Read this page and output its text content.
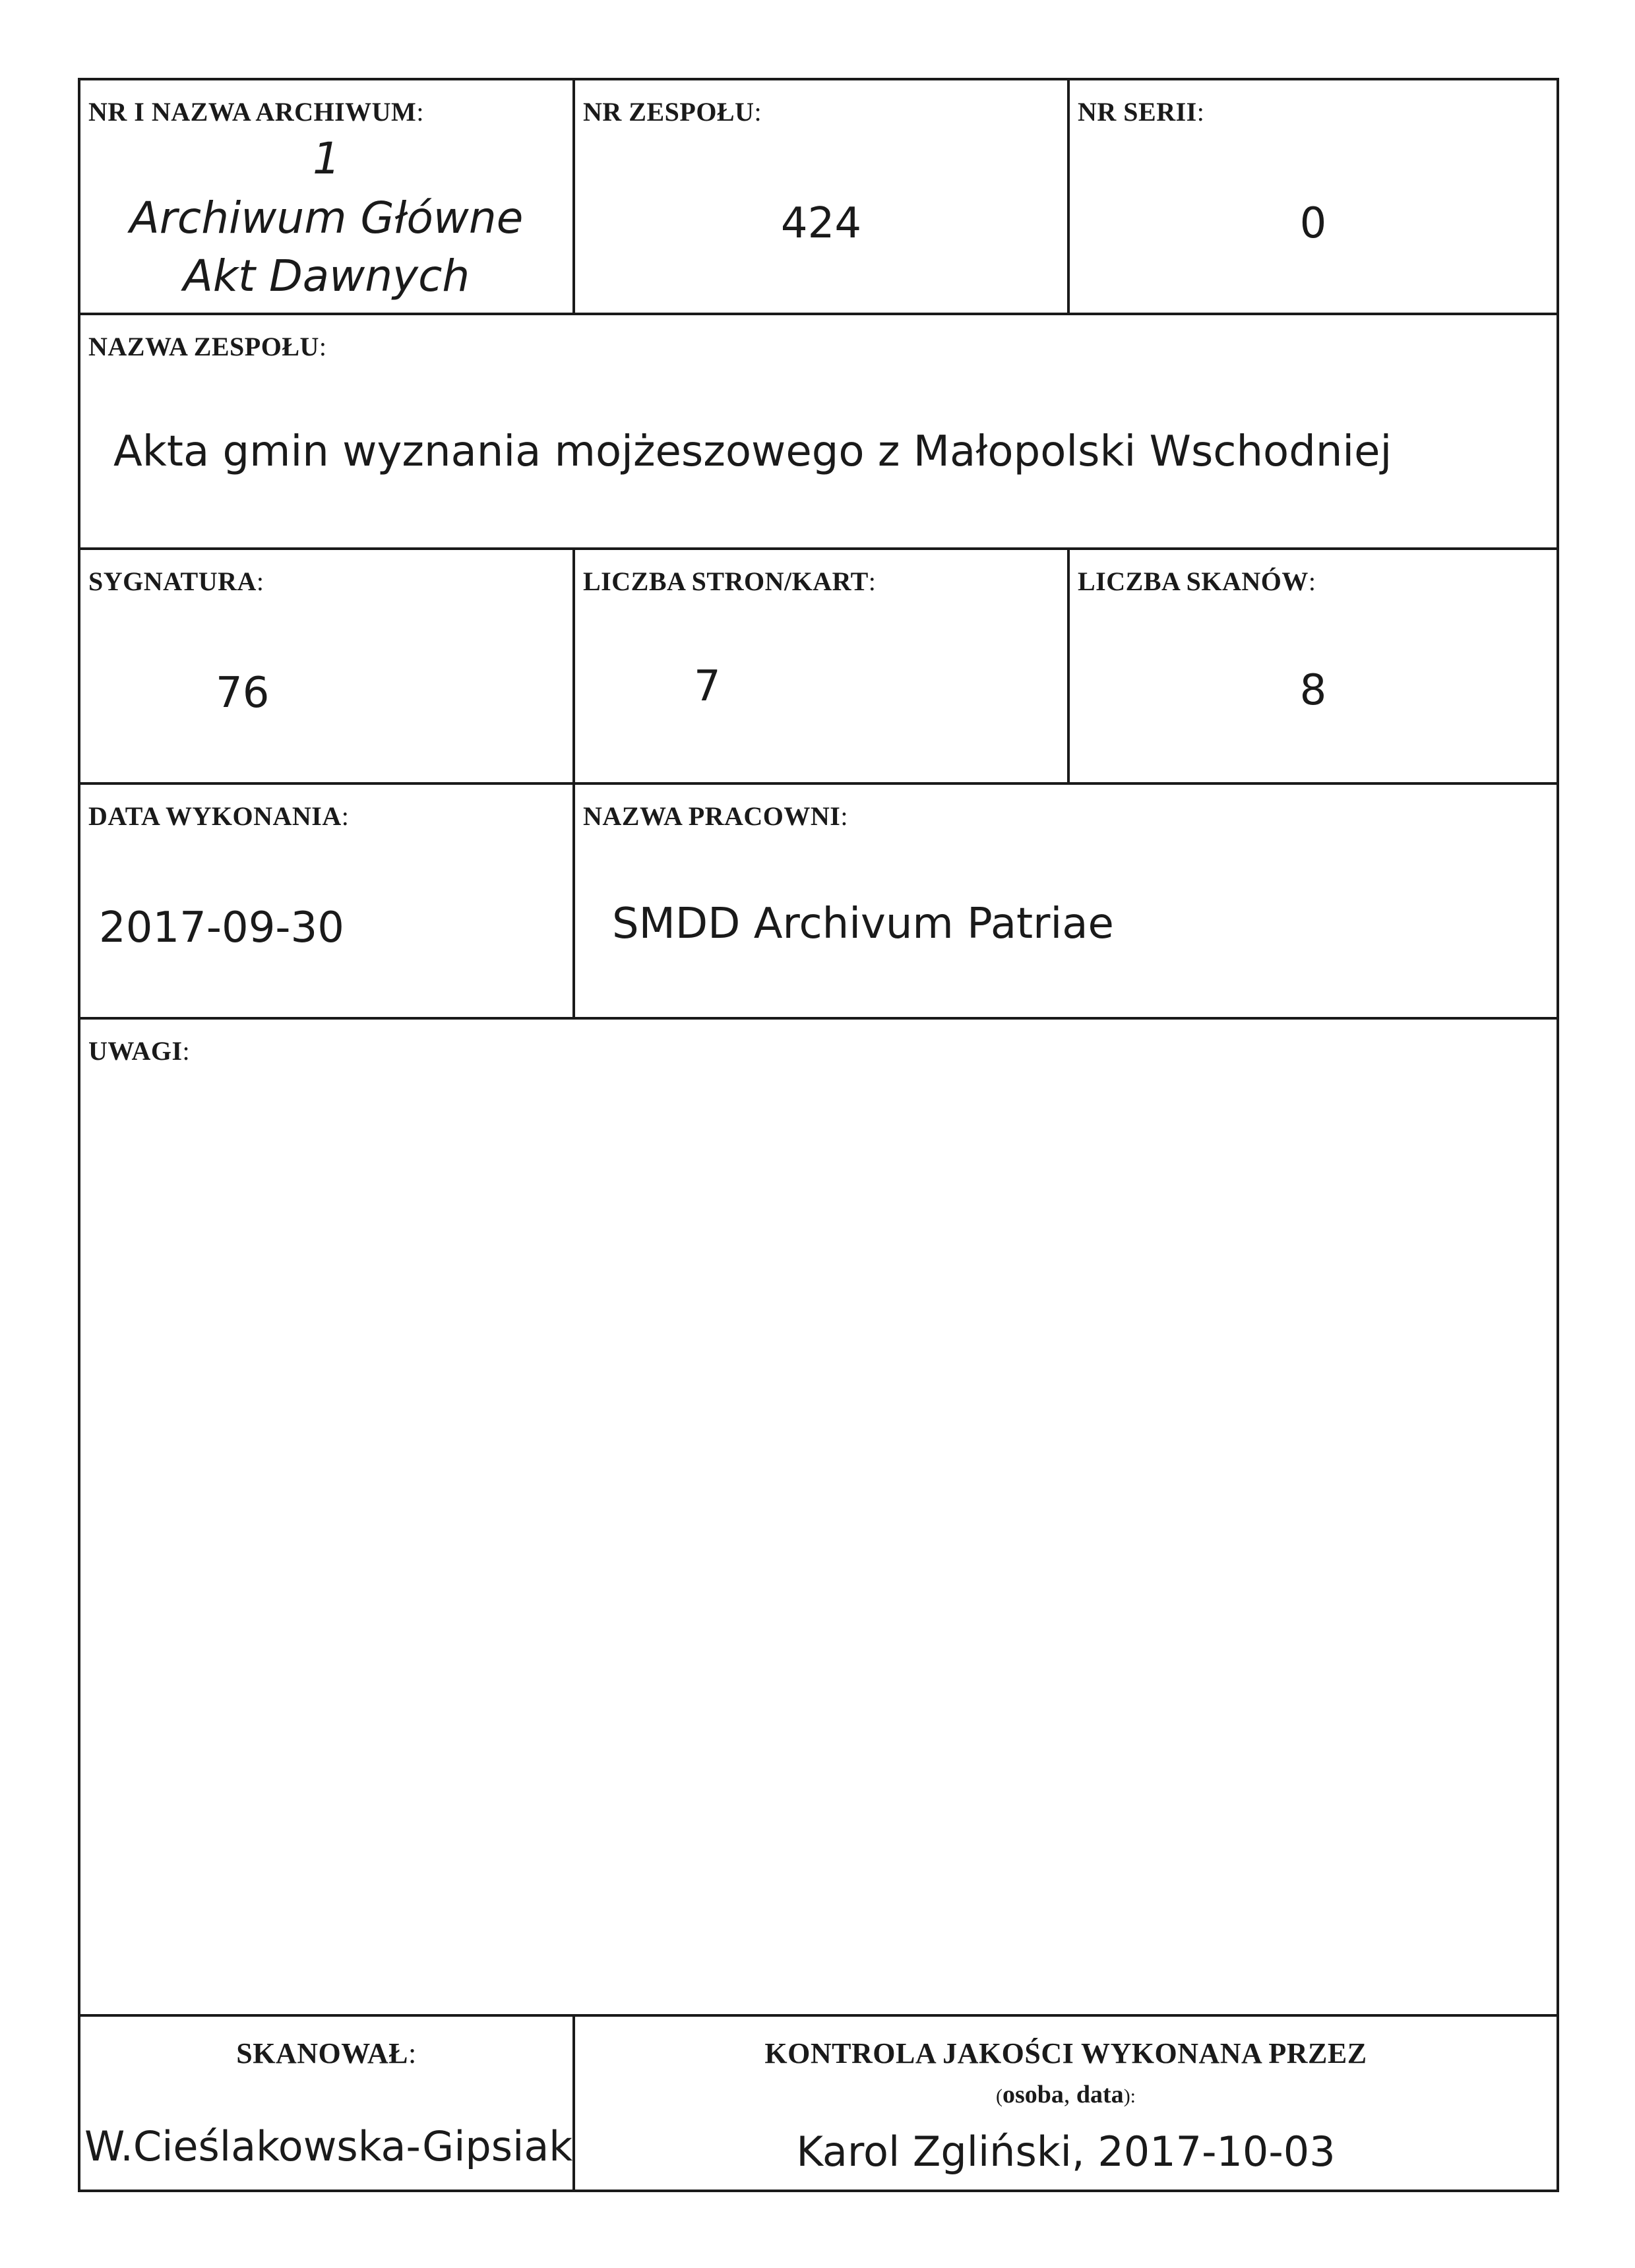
NR I NAZWA ARCHIWUM:
1
Archiwum Główne
Akt Dawnych
NR ZESPOŁU:
424
NR SERII:
0
NAZWA ZESPOŁU:
Akta gmin wyznania mojżeszowego z Małopolski Wschodniej
SYGNATURA:
76
LICZBA STRON/KART:
7
LICZBA SKANÓW:
8
DATA WYKONANIA:
2017-09-30
NAZWA PRACOWNI:
SMDD Archivum Patriae
UWAGI:
SKANOWAŁ:
W.Cieślakowska-Gipsiak
KONTROLA JAKOŚCI WYKONANA PRZEZ
(osoba, data):
Karol Zgliński, 2017-10-03
